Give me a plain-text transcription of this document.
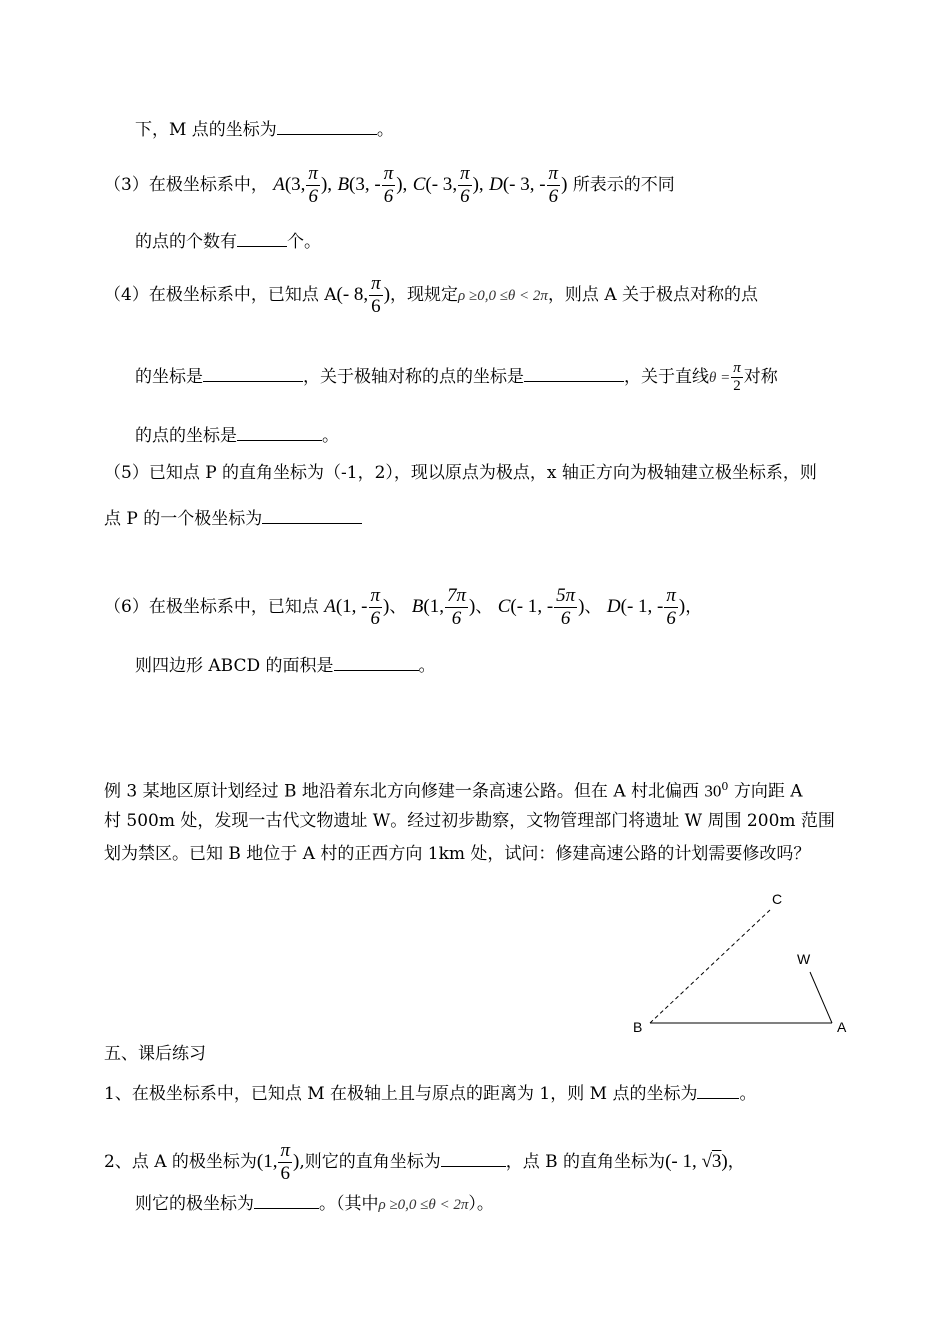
下，M 点的坐标为	。
（3）在极坐标系中， A(3, $\frac{\pi}{6}$ ), B(3, - $\frac{\pi}{6}$ ), C(- 3, $\frac{\pi}{6}$ ), D(- 3, - $\frac{\pi}{6}$ ) 所表示的不同
的点的个数有	个。
（4）在极坐标系中，已知点 A(- 8, $\frac{\pi}{6}$ )，现规定ρ ≥0,0 ≤θ < 2π，则点 A 关于极点对称的点
的坐标是	，关于极轴对称的点的坐标是	，关于直线$\theta = \frac{\pi}{2}$ 对称
的点的坐标是	。
（5）已知点 P 的直角坐标为（-1，2），现以原点为极点，x 轴正方向为极轴建立极坐标系，则
点 P 的一个极坐标为
（6）在极坐标系中，已知点 A(1, - $\frac{\pi}{6}$ )、 B(1, $\frac{7\pi}{6}$ )、 C(- 1, - $\frac{5\pi}{6}$ )、 D(- 1, - $\frac{\pi}{6}$ )，
则四边形 ABCD 的面积是	。
例 3 某地区原计划经过 B 地沿着东北方向修建一条高速公路。但在 A 村北偏西 $30^0$ 方向距 A
村 500m 处，发现一古代文物遗址 W。经过初步勘察，文物管理部门将遗址 W 周围 200m 范围
划为禁区。已知 B 地位于 A 村的正西方向 1km 处，试问：修建高速公路的计划需要修改吗？
C
W
B	A
五、课后练习
1、在极坐标系中，已知点 M 在极轴上且与原点的距离为 1，则 M 点的坐标为 。
2、点 A 的极坐标为(1, $\frac{\pi}{6}$ ),则它的直角坐标为	，点 B 的直角坐标为(- 1, √3)，
则它的极坐标为	。（其中ρ ≥0,0 ≤θ < 2π）。
